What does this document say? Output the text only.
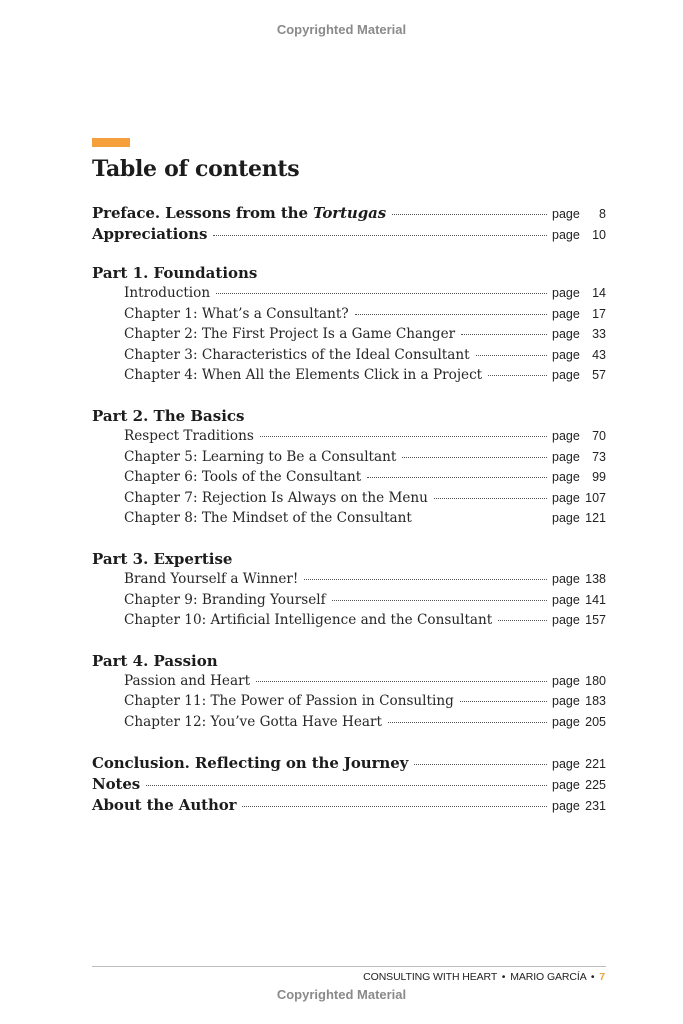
Copyrighted Material
Table of contents
Preface. Lessons from the Tortugas	page 8
Appreciations	page 10
Part 1. Foundations
Introduction	page 14
Chapter 1: What’s a Consultant?	page 17
Chapter 2: The First Project Is a Game Changer	page 33
Chapter 3: Characteristics of the Ideal Consultant	page 43
Chapter 4: When All the Elements Click in a Project	page 57
Part 2. The Basics
Respect Traditions	page 70
Chapter 5: Learning to Be a Consultant	page 73
Chapter 6: Tools of the Consultant	page 99
Chapter 7: Rejection Is Always on the Menu	page 107
Chapter 8: The Mindset of the Consultant	page 121
Part 3. Expertise
Brand Yourself a Winner!	page 138
Chapter 9: Branding Yourself	page 141
Chapter 10: Artificial Intelligence and the Consultant	page 157
Part 4. Passion
Passion and Heart	page 180
Chapter 11: The Power of Passion in Consulting	page 183
Chapter 12: You’ve Gotta Have Heart	page 205
Conclusion. Reflecting on the Journey	page 221
Notes	page 225
About the Author	page 231
CONSULTING WITH HEART • MARIO GARCÍA • 7
Copyrighted Material
